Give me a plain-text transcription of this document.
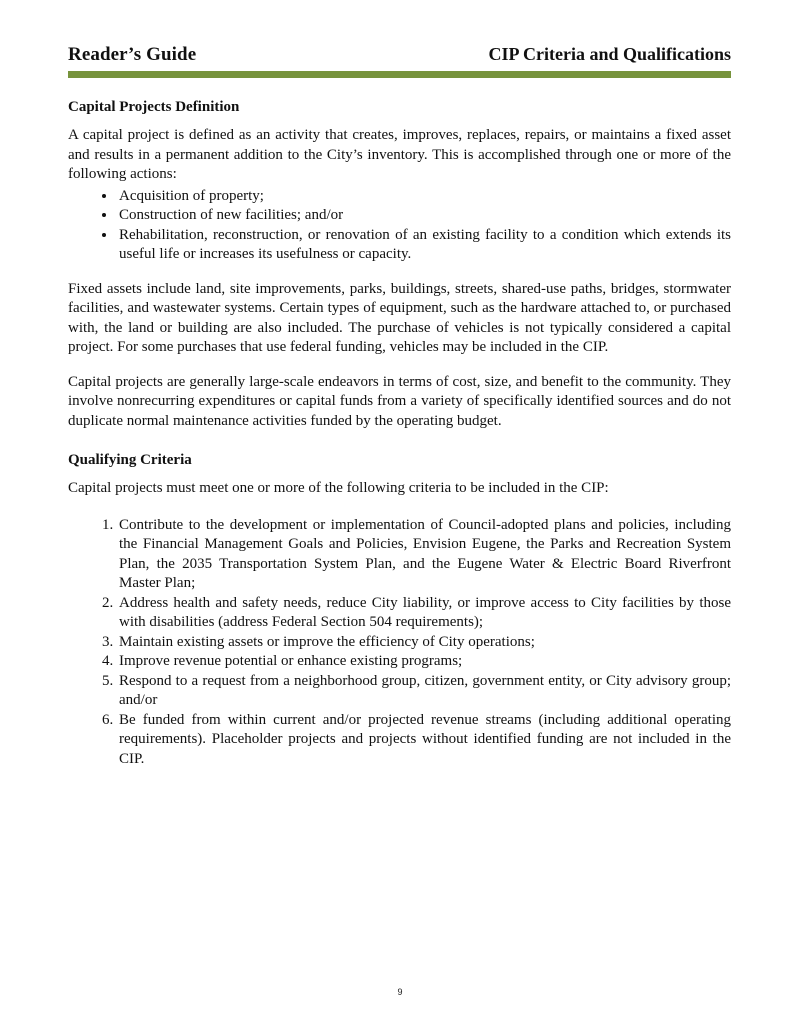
Reader’s Guide	CIP Criteria and Qualifications
Capital Projects Definition

A capital project is defined as an activity that creates, improves, replaces, repairs, or maintains a fixed asset and results in a permanent addition to the City’s inventory. This is accomplished through one or more of the following actions:

• Acquisition of property;
• Construction of new facilities; and/or
• Rehabilitation, reconstruction, or renovation of an existing facility to a condition which extends its useful life or increases its usefulness or capacity.

Fixed assets include land, site improvements, parks, buildings, streets, shared-use paths, bridges, stormwater facilities, and wastewater systems. Certain types of equipment, such as the hardware attached to, or purchased with, the land or building are also included. The purchase of vehicles is not typically considered a capital project. For some purchases that use federal funding, vehicles may be included in the CIP.

Capital projects are generally large-scale endeavors in terms of cost, size, and benefit to the community. They involve nonrecurring expenditures or capital funds from a variety of specifically identified sources and do not duplicate normal maintenance activities funded by the operating budget.

Qualifying Criteria

Capital projects must meet one or more of the following criteria to be included in the CIP:

1. Contribute to the development or implementation of Council-adopted plans and policies, including the Financial Management Goals and Policies, Envision Eugene, the Parks and Recreation System Plan, the 2035 Transportation System Plan, and the Eugene Water & Electric Board Riverfront Master Plan;
2. Address health and safety needs, reduce City liability, or improve access to City facilities by those with disabilities (address Federal Section 504 requirements);
3. Maintain existing assets or improve the efficiency of City operations;
4. Improve revenue potential or enhance existing programs;
5. Respond to a request from a neighborhood group, citizen, government entity, or City advisory group; and/or
6. Be funded from within current and/or projected revenue streams (including additional operating requirements). Placeholder projects and projects without identified funding are not included in the CIP.
9
